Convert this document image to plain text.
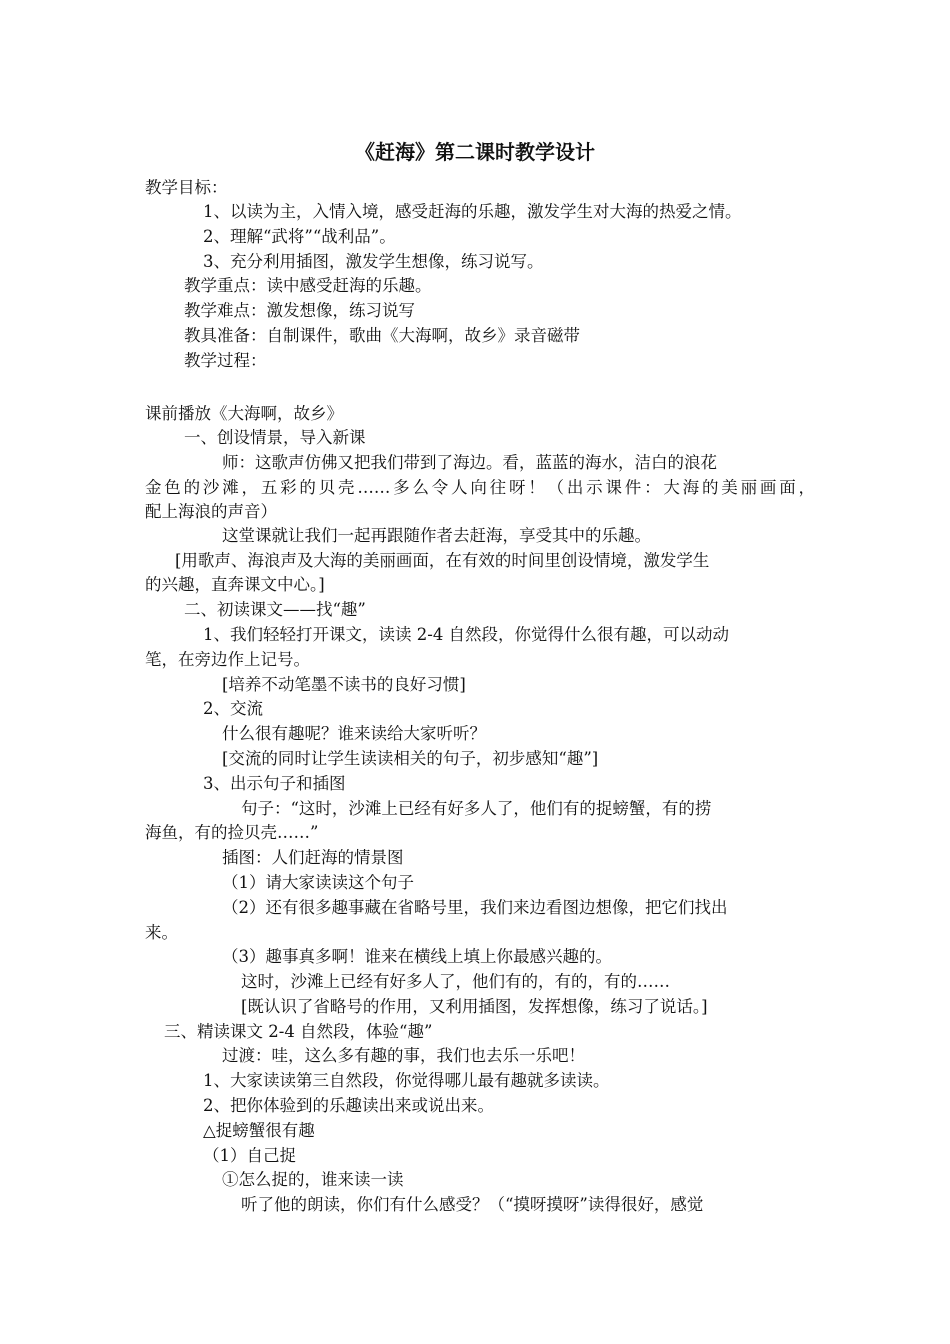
《赶海》第二课时教学设计
教学目标：
1、以读为主，入情入境，感受赶海的乐趣，激发学生对大海的热爱之情。
2、理解“武将”“战利品”。
3、充分利用插图，激发学生想像，练习说写。
教学重点：读中感受赶海的乐趣。
教学难点：激发想像，练习说写
教具准备：自制课件，歌曲《大海啊，故乡》录音磁带
教学过程：
课前播放《大海啊，故乡》
一、创设情景，导入新课
师：这歌声仿佛又把我们带到了海边。看，蓝蓝的海水，洁白的浪花
金色的沙滩，五彩的贝壳……多么令人向往呀！（出示课件：大海的美丽画面，
配上海浪的声音）
这堂课就让我们一起再跟随作者去赶海，享受其中的乐趣。
[用歌声、海浪声及大海的美丽画面，在有效的时间里创设情境，激发学生
的兴趣，直奔课文中心。]
二、初读课文——找“趣”
1、我们轻轻打开课文，读读 2-4 自然段，你觉得什么很有趣，可以动动
笔，在旁边作上记号。
[培养不动笔墨不读书的良好习惯]
2、交流
什么很有趣呢？谁来读给大家听听？
[交流的同时让学生读读相关的句子，初步感知“趣”]
3、出示句子和插图
句子：“这时，沙滩上已经有好多人了，他们有的捉螃蟹，有的捞
海鱼，有的捡贝壳……”
插图：人们赶海的情景图
（1）请大家读读这个句子
（2）还有很多趣事藏在省略号里，我们来边看图边想像，把它们找出
来。
（3）趣事真多啊！谁来在横线上填上你最感兴趣的。
这时，沙滩上已经有好多人了，他们有的，有的，有的……
[既认识了省略号的作用，又利用插图，发挥想像，练习了说话。]
三、精读课文 2-4 自然段，体验“趣”
过渡：哇，这么多有趣的事，我们也去乐一乐吧！
1、大家读读第三自然段，你觉得哪儿最有趣就多读读。
2、把你体验到的乐趣读出来或说出来。
△捉螃蟹很有趣
（1）自己捉
①怎么捉的，谁来读一读
听了他的朗读，你们有什么感受？（“摸呀摸呀”读得很好，感觉
